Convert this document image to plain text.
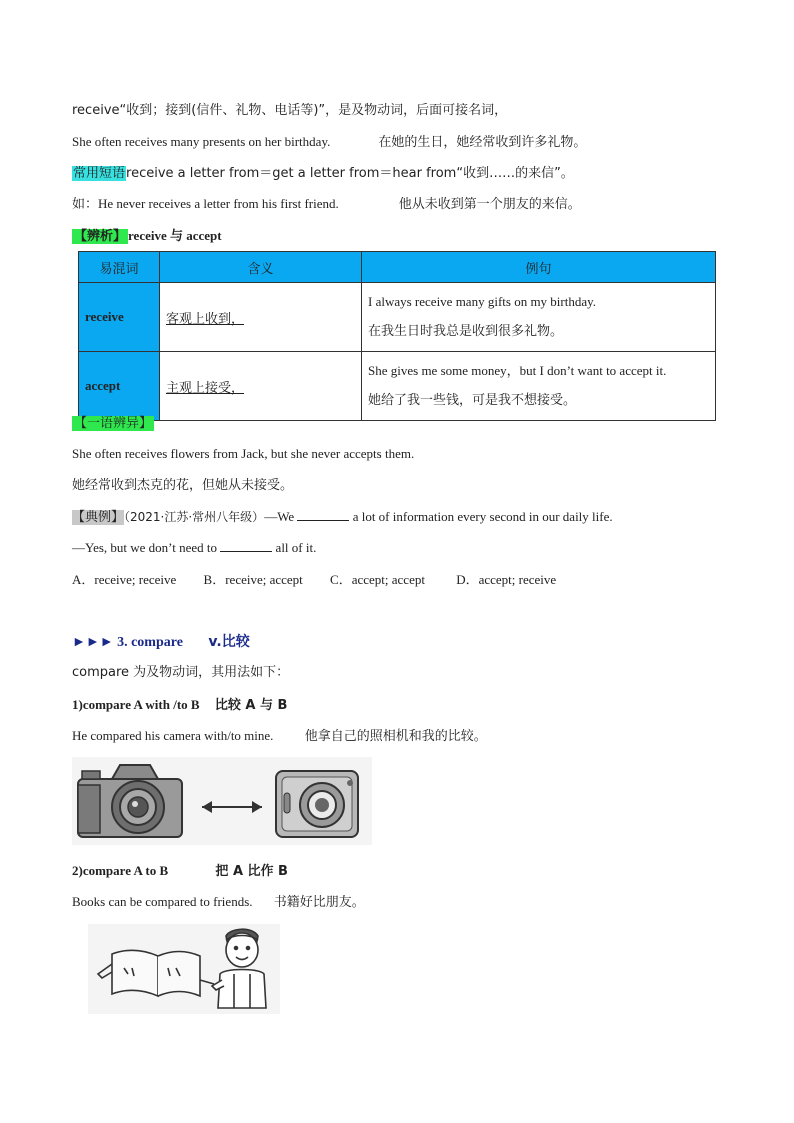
receive“收到；接到(信件、礼物、电话等)”，是及物动词，后面可接名词，
She often receives many presents on her birthday.	在她的生日，她经常收到许多礼物。
常用短语receive a letter from＝get a letter from＝hear from“收到……的来信”。
如：He never receives a letter from his first friend.	他从未收到第一个朋友的来信。
【辨析】 receive 与 accept
易混词	含义	例句
receive	客观上收到，	I always receive many gifts on my birthday.
在我生日时我总是收到很多礼物。

accept	主观上接受，	She gives me some money，but I don’t want to accept it.
她给了我一些钱，可是我不想接受。
【一语辨异】
She often receives flowers from Jack, but she never accepts them.
她经常收到杰克的花，但她从未接受。
【典例】（2021·江苏·常州八年级）—We	a lot of information every second in our daily life.
—Yes, but we don’t need to	all of it.
A．receive; receive B．receive; accept C．accept; accept D．accept; receive
►►► 3. compare v.比较
compare 为及物动词，其用法如下：
1)compare A with /to B 比较 A 与 B
He compared his camera with/to mine. 他拿自己的照相机和我的比较。
2)compare A to B	把 A 比作 B
Books can be compared to friends. 书籍好比朋友。
